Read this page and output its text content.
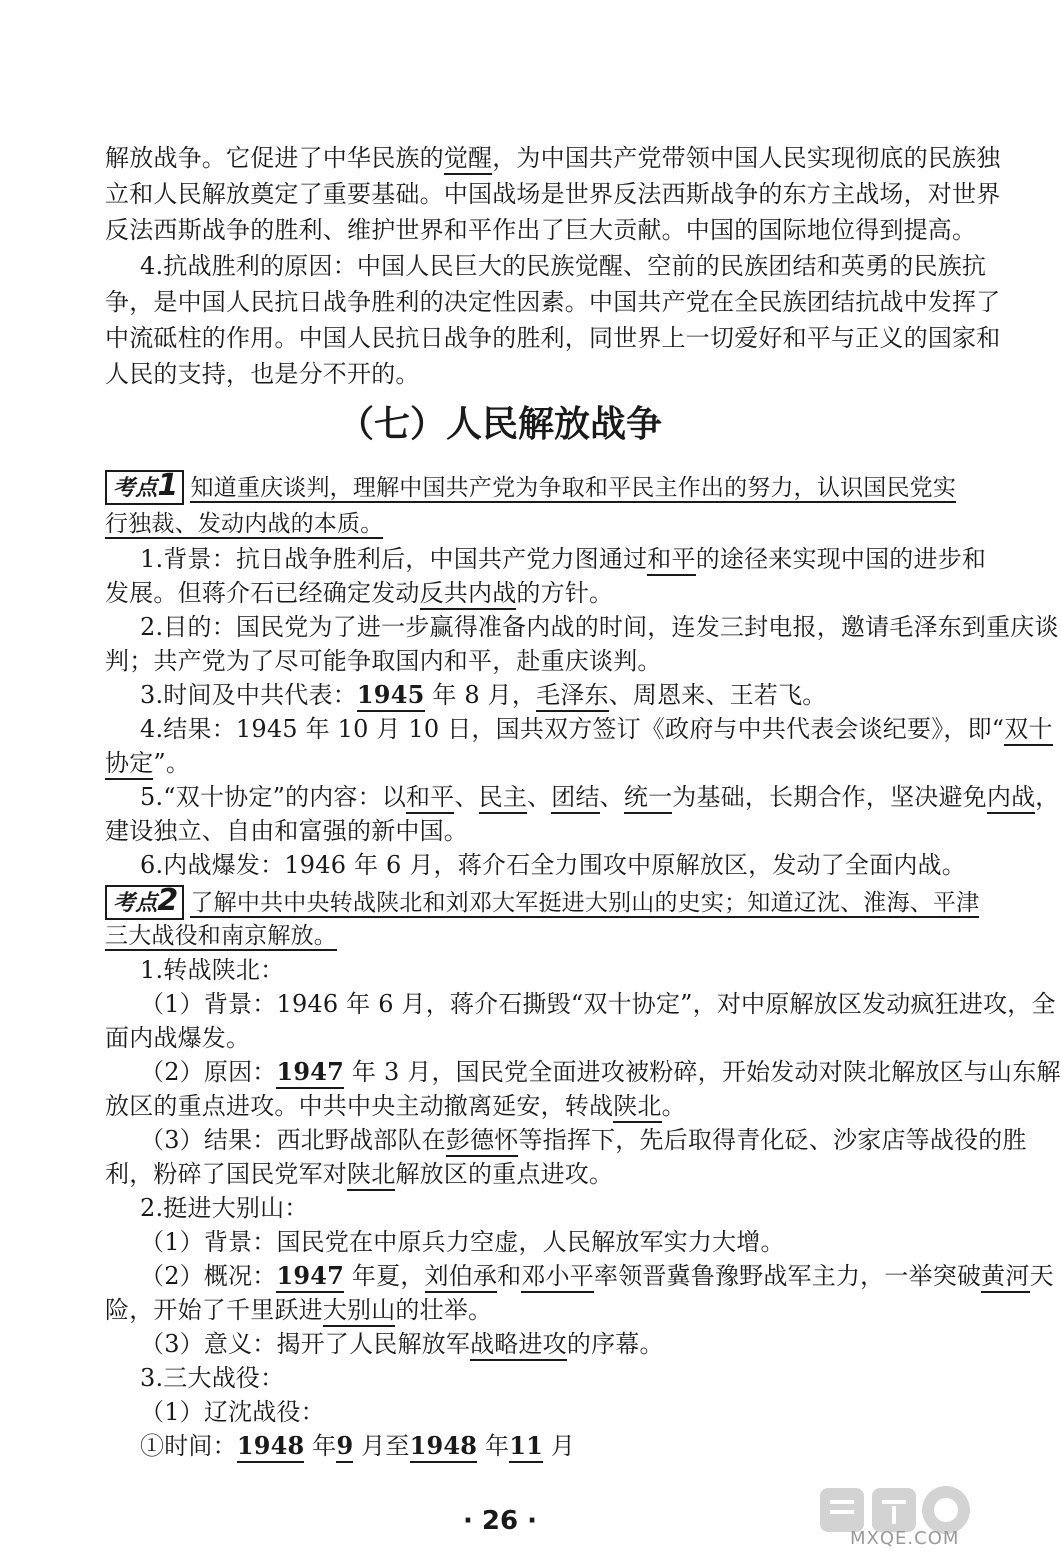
解放战争。它促进了中华民族的觉醒，为中国共产党带领中国人民实现彻底的民族独
立和人民解放奠定了重要基础。中国战场是世界反法西斯战争的东方主战场，对世界
反法西斯战争的胜利、维护世界和平作出了巨大贡献。中国的国际地位得到提高。
4.抗战胜利的原因：中国人民巨大的民族觉醒、空前的民族团结和英勇的民族抗
争，是中国人民抗日战争胜利的决定性因素。中国共产党在全民族团结抗战中发挥了
中流砥柱的作用。中国人民抗日战争的胜利，同世界上一切爱好和平与正义的国家和
人民的支持，也是分不开的。
（七）人民解放战争
考点1 知道重庆谈判，理解中国共产党为争取和平民主作出的努力，认识国民党实
行独裁、发动内战的本质。
1.背景：抗日战争胜利后，中国共产党力图通过和平的途径来实现中国的进步和
发展。但蒋介石已经确定发动反共内战的方针。
2.目的：国民党为了进一步赢得准备内战的时间，连发三封电报，邀请毛泽东到重庆谈
判；共产党为了尽可能争取国内和平，赴重庆谈判。
3.时间及中共代表：1945 年 8 月，毛泽东、周恩来、王若飞。
4.结果：1945 年 10 月 10 日，国共双方签订《政府与中共代表会谈纪要》，即“双十
协定”。
5.“双十协定”的内容：以和平、民主、团结、统一为基础，长期合作，坚决避免内战，
建设独立、自由和富强的新中国。
6.内战爆发：1946 年 6 月，蒋介石全力围攻中原解放区，发动了全面内战。
考点2 了解中共中央转战陕北和刘邓大军挺进大别山的史实；知道辽沈、淮海、平津
三大战役和南京解放。
1.转战陕北：
（1）背景：1946 年 6 月，蒋介石撕毁“双十协定”，对中原解放区发动疯狂进攻，全
面内战爆发。
（2）原因：1947 年 3 月，国民党全面进攻被粉碎，开始发动对陕北解放区与山东解
放区的重点进攻。中共中央主动撤离延安，转战陕北。
（3）结果：西北野战部队在彭德怀等指挥下，先后取得青化砭、沙家店等战役的胜
利，粉碎了国民党军对陕北解放区的重点进攻。
2.挺进大别山：
（1）背景：国民党在中原兵力空虚，人民解放军实力大增。
（2）概况：1947 年夏，刘伯承和邓小平率领晋冀鲁豫野战军主力，一举突破黄河天
险，开始了千里跃进大别山的壮举。
（3）意义：揭开了人民解放军战略进攻的序幕。
3.三大战役：
（1）辽沈战役：
①时间：1948 年9 月至1948 年11 月
· 26 ·
MXQE.COM
